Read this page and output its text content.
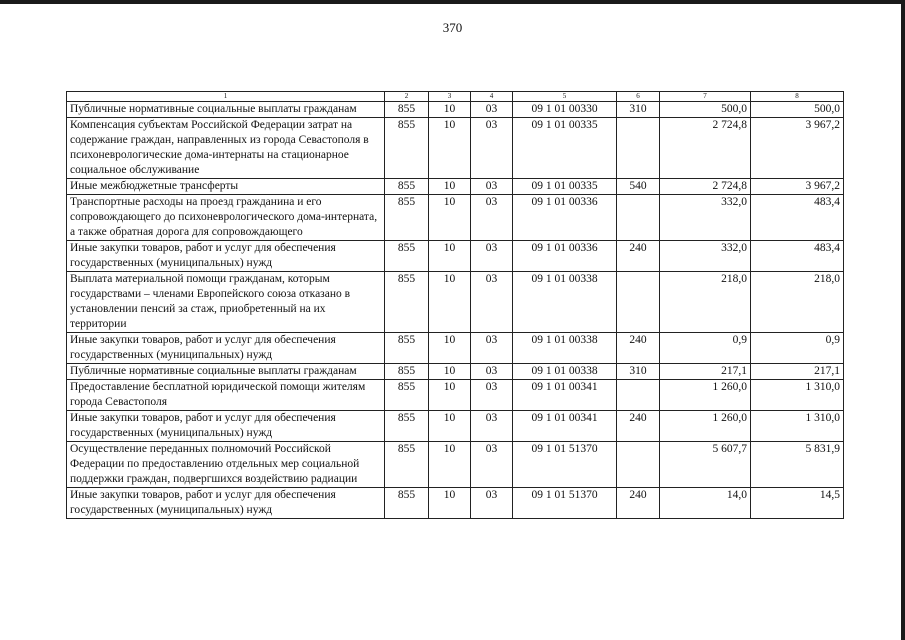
370
1	2	3	4	5	6	7	8
Публичные нормативные социальные выплаты гражданам	855	10	03	09 1 01 00330	310	500,0	500,0
Компенсация субъектам Российской Федерации затрат на содержание граждан, направленных из города Севастополя в психоневрологические дома-интернаты на стационарное социальное обслуживание	855	10	03	09 1 01 00335		2 724,8	3 967,2
Иные межбюджетные трансферты	855	10	03	09 1 01 00335	540	2 724,8	3 967,2
Транспортные расходы на проезд гражданина и его сопровождающего до психоневрологического дома-интерната, а также обратная дорога для сопровождающего	855	10	03	09 1 01 00336		332,0	483,4
Иные закупки товаров, работ и услуг для обеспечения государственных (муниципальных) нужд	855	10	03	09 1 01 00336	240	332,0	483,4
Выплата материальной помощи гражданам, которым государствами – членами Европейского союза отказано в установлении пенсий за стаж, приобретенный на их территории	855	10	03	09 1 01 00338		218,0	218,0
Иные закупки товаров, работ и услуг для обеспечения государственных (муниципальных) нужд	855	10	03	09 1 01 00338	240	0,9	0,9
Публичные нормативные социальные выплаты гражданам	855	10	03	09 1 01 00338	310	217,1	217,1
Предоставление бесплатной юридической помощи жителям города Севастополя	855	10	03	09 1 01 00341		1 260,0	1 310,0
Иные закупки товаров, работ и услуг для обеспечения государственных (муниципальных) нужд	855	10	03	09 1 01 00341	240	1 260,0	1 310,0
Осуществление переданных полномочий Российской Федерации по предоставлению отдельных мер социальной поддержки граждан, подвергшихся воздействию радиации	855	10	03	09 1 01 51370		5 607,7	5 831,9
Иные закупки товаров, работ и услуг для обеспечения государственных (муниципальных) нужд	855	10	03	09 1 01 51370	240	14,0	14,5
